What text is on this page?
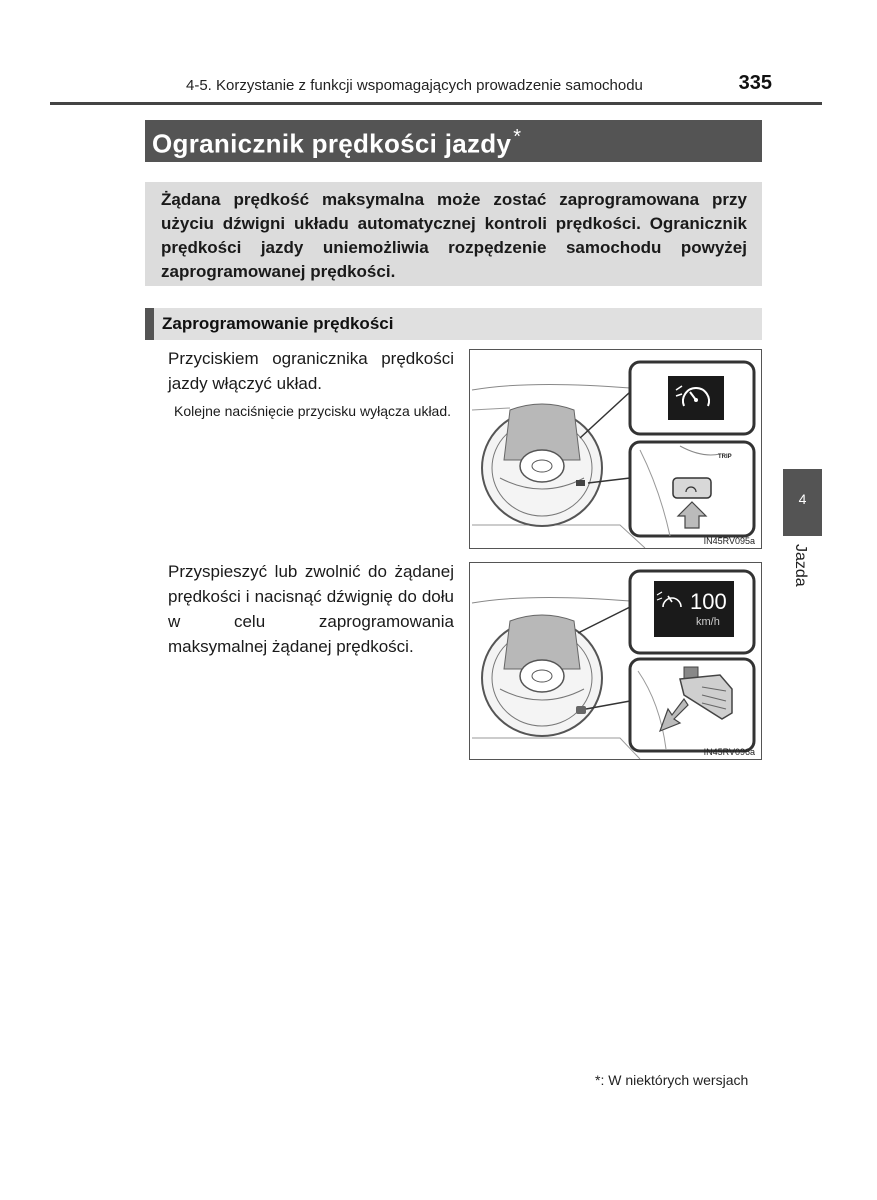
4-5. Korzystanie z funkcji wspomagających prowadzenie samochodu	335
Ogranicznik prędkości jazdy *
Żądana prędkość maksymalna może zostać zaprogramowana przy użyciu dźwigni układu automatycznej kontroli prędkości. Ogranicznik prędkości jazdy uniemożliwia rozpędzenie samochodu powyżej zaprogramowanej prędkości.
Zaprogramowanie prędkości
Przyciskiem ogranicznika prędkości jazdy włączyć układ.
Kolejne naciśnięcie przycisku wyłącza układ.
TRIP
IN45RV095a
Przyspieszyć lub zwolnić do żądanej prędkości i nacisnąć dźwignię do dołu w celu zaprogramowania maksymalnej żądanej prędkości.
100
km/h
IN45RV096a
4
Jazda
*: W niektórych wersjach
